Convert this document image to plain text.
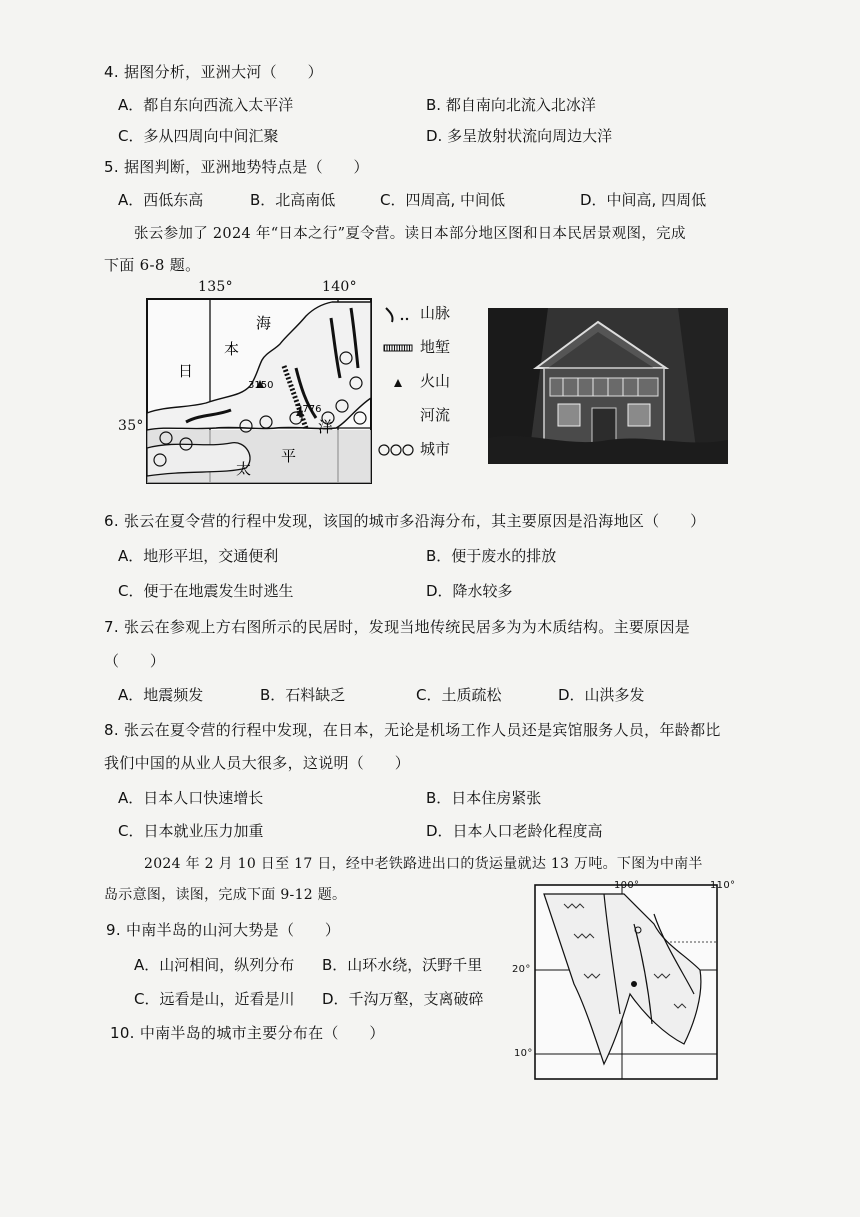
4. 据图分析，亚洲大河（　　）
A．都自东向西流入太平洋	B. 都自南向北流入北冰洋
C．多从四周向中间汇聚	D. 多呈放射状流向周边大洋
5. 据图判断，亚洲地势特点是（　　）
A．西低东高	B．北高南低	C．四周高, 中间低	D．中间高, 四周低
张云参加了 2024 年“日本之行”夏令营。读日本部分地区图和日本民居景观图，完成
下面 6-8 题。
3150
3776
海
本
日
太
平
洋
135°	140°
35°
山脉
地堑
火山
河流
城市
6. 张云在夏令营的行程中发现，该国的城市多沿海分布，其主要原因是沿海地区（　　）
A．地形平坦，交通便利	B．便于废水的排放
C．便于在地震发生时逃生	D．降水较多
7. 张云在参观上方右图所示的民居时，发现当地传统民居多为为木质结构。主要原因是
（　　）
A．地震频发	B．石料缺乏	C．土质疏松	D．山洪多发
8. 张云在夏令营的行程中发现，在日本，无论是机场工作人员还是宾馆服务人员，年龄都比
我们中国的从业人员大很多，这说明（　　）
A．日本人口快速增长	B．日本住房紧张
C．日本就业压力加重	D．日本人口老龄化程度高
2024 年 2 月 10 日至 17 日，经中老铁路进出口的货运量就达 13 万吨。下图为中南半
岛示意图，读图，完成下面 9-12 题。
9. 中南半岛的山河大势是（　　）
A．山河相间，纵列分布 B．山环水绕，沃野千里
C．远看是山，近看是川 D．千沟万壑，支离破碎
10. 中南半岛的城市主要分布在（　　）
100°	110°
20°
10°
